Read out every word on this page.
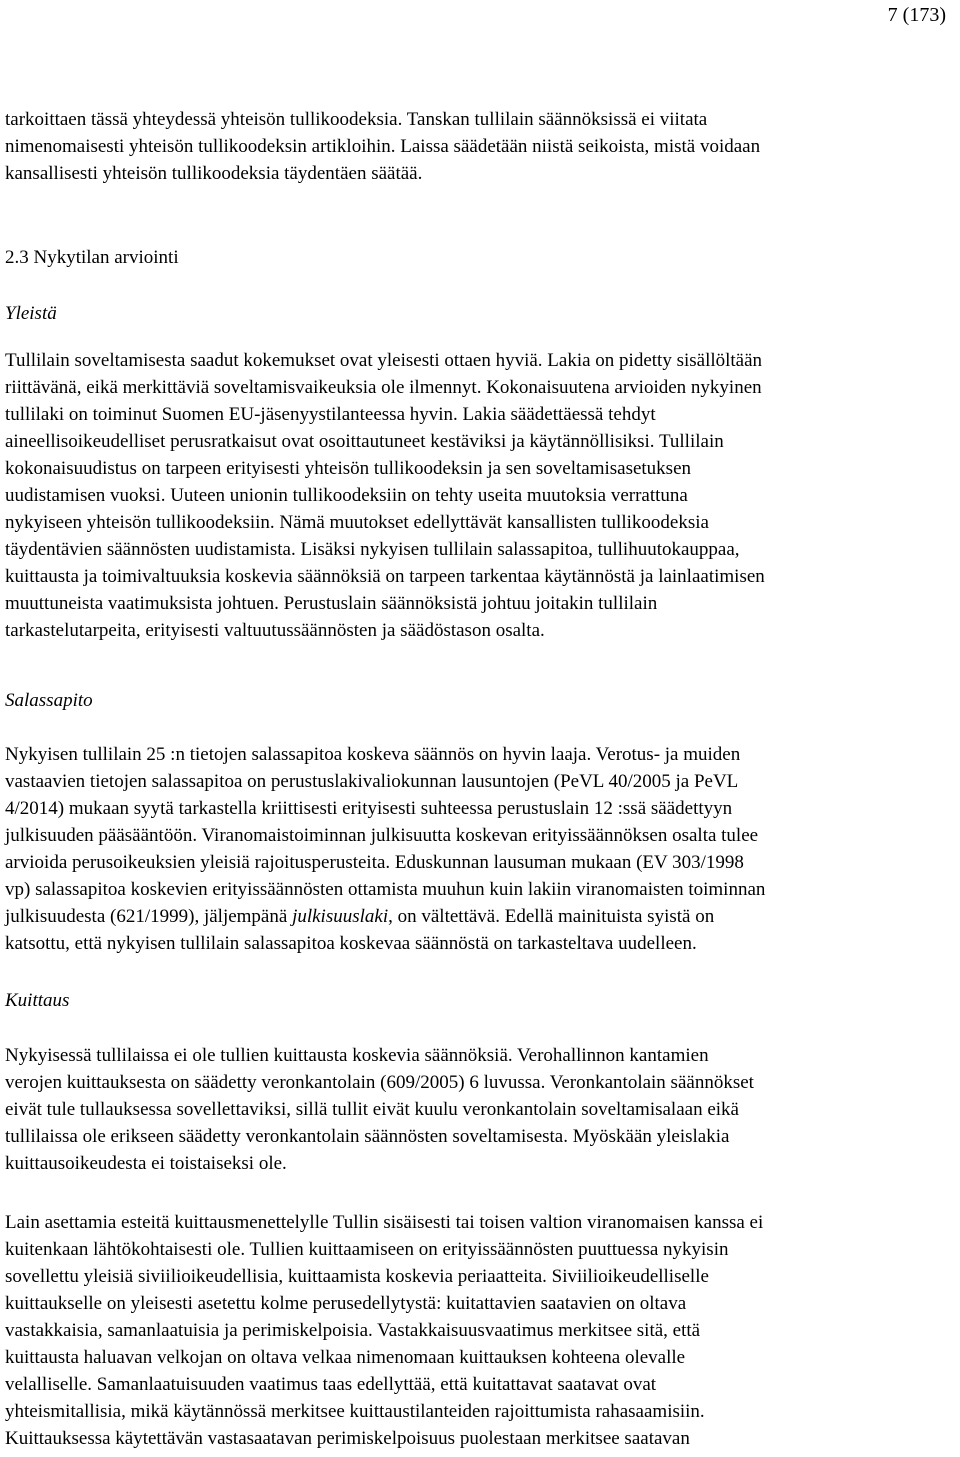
7 (173)
tarkoittaen tässä yhteydessä yhteisön tullikoodeksia. Tanskan tullilain säännöksissä ei viitata
nimenomaisesti yhteisön tullikoodeksin artikloihin. Laissa säädetään niistä seikoista, mistä voidaan
kansallisesti yhteisön tullikoodeksia täydentäen säätää.
2.3 Nykytilan arviointi
Yleistä
Tullilain soveltamisesta saadut kokemukset ovat yleisesti ottaen hyviä. Lakia on pidetty sisällöltään
riittävänä, eikä merkittäviä soveltamisvaikeuksia ole ilmennyt. Kokonaisuutena arvioiden nykyinen
tullilaki on toiminut Suomen EU-jäsenyystilanteessa hyvin. Lakia säädettäessä tehdyt
aineellisoikeudelliset perusratkaisut ovat osoittautuneet kestäviksi ja käytännöllisiksi. Tullilain
kokonaisuudistus on tarpeen erityisesti yhteisön tullikoodeksin ja sen soveltamisasetuksen
uudistamisen vuoksi. Uuteen unionin tullikoodeksiin on tehty useita muutoksia verrattuna
nykyiseen yhteisön tullikoodeksiin. Nämä muutokset edellyttävät kansallisten tullikoodeksia
täydentävien säännösten uudistamista. Lisäksi nykyisen tullilain salassapitoa, tullihuutokauppaa,
kuittausta ja toimivaltuuksia koskevia säännöksiä on tarpeen tarkentaa käytännöstä ja lainlaatimisen
muuttuneista vaatimuksista johtuen. Perustuslain säännöksistä johtuu joitakin tullilain
tarkastelutarpeita, erityisesti valtuutussäännösten ja säädöstason osalta.
Salassapito
Nykyisen tullilain 25 :n tietojen salassapitoa koskeva säännös on hyvin laaja. Verotus- ja muiden
vastaavien tietojen salassapitoa on perustuslakivaliokunnan lausuntojen (PeVL 40/2005 ja PeVL
4/2014) mukaan syytä tarkastella kriittisesti erityisesti suhteessa perustuslain 12 :ssä säädettyyn
julkisuuden pääsääntöön. Viranomaistoiminnan julkisuutta koskevan erityissäännöksen osalta tulee
arvioida perusoikeuksien yleisiä rajoitusperusteita. Eduskunnan lausuman mukaan (EV 303/1998
vp) salassapitoa koskevien erityissäännösten ottamista muuhun kuin lakiin viranomaisten toiminnan
julkisuudesta (621/1999), jäljempänä julkisuuslaki, on vältettävä. Edellä mainituista syistä on
katsottu, että nykyisen tullilain salassapitoa koskevaa säännöstä on tarkasteltava uudelleen.
Kuittaus
Nykyisessä tullilaissa ei ole tullien kuittausta koskevia säännöksiä. Verohallinnon kantamien
verojen kuittauksesta on säädetty veronkantolain (609/2005) 6 luvussa. Veronkantolain säännökset
eivät tule tullauksessa sovellettaviksi, sillä tullit eivät kuulu veronkantolain soveltamisalaan eikä
tullilaissa ole erikseen säädetty veronkantolain säännösten soveltamisesta. Myöskään yleislakia
kuittausoikeudesta ei toistaiseksi ole.
Lain asettamia esteitä kuittausmenettelylle Tullin sisäisesti tai toisen valtion viranomaisen kanssa ei
kuitenkaan lähtökohtaisesti ole. Tullien kuittaamiseen on erityissäännösten puuttuessa nykyisin
sovellettu yleisiä siviilioikeudellisia, kuittaamista koskevia periaatteita. Siviilioikeudelliselle
kuittaukselle on yleisesti asetettu kolme perusedellytystä: kuitattavien saatavien on oltava
vastakkaisia, samanlaatuisia ja perimiskelpoisia. Vastakkaisuusvaatimus merkitsee sitä, että
kuittausta haluavan velkojan on oltava velkaa nimenomaan kuittauksen kohteena olevalle
velalliselle. Samanlaatuisuuden vaatimus taas edellyttää, että kuitattavat saatavat ovat
yhteismitallisia, mikä käytännössä merkitsee kuittaustilanteiden rajoittumista rahasaamisiin.
Kuittauksessa käytettävän vastasaatavan perimiskelpoisuus puolestaan merkitsee saatavan
